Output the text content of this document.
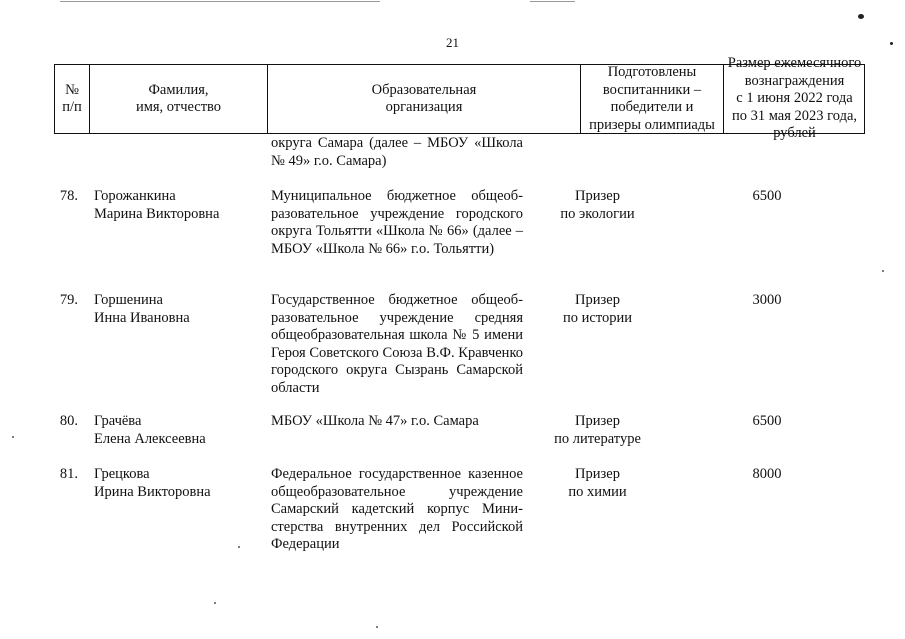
21
№
п/п
Фамилия,
имя, отчество
Образовательная
организация
Подготовлены
воспитанники –
победители и
призеры олимпиады
Размер ежемесячного
вознаграждения
с 1 июня 2022 года
по 31 мая 2023 года, рублей
округа Самара (далее – МБОУ «Школа № 49» г.о. Самара)
78. Горожанкина
Марина Викторовна
Муниципальное бюджетное общеобразовательное учреждение городского округа Тольятти «Школа № 66» (далее – МБОУ «Школа № 66» г.о. Тольятти)
Призер
по экологии
6500
79. Горшенина
Инна Ивановна
Государственное бюджетное общеобразовательное учреждение средняя общеобразовательная школа № 5 имени Героя Советского Союза В.Ф. Кравченко городского округа Сызрань Самарской области
Призер
по истории
3000
80. Грачёва
Елена Алексеевна
МБОУ «Школа № 47» г.о. Самара	Призер
по литературе
6500
81. Грецкова
Ирина Викторовна
Федеральное государственное казенное общеобразовательное учреждение Самарский кадетский корпус Министерства внутренних дел Российской Федерации
Призер
по химии
8000
